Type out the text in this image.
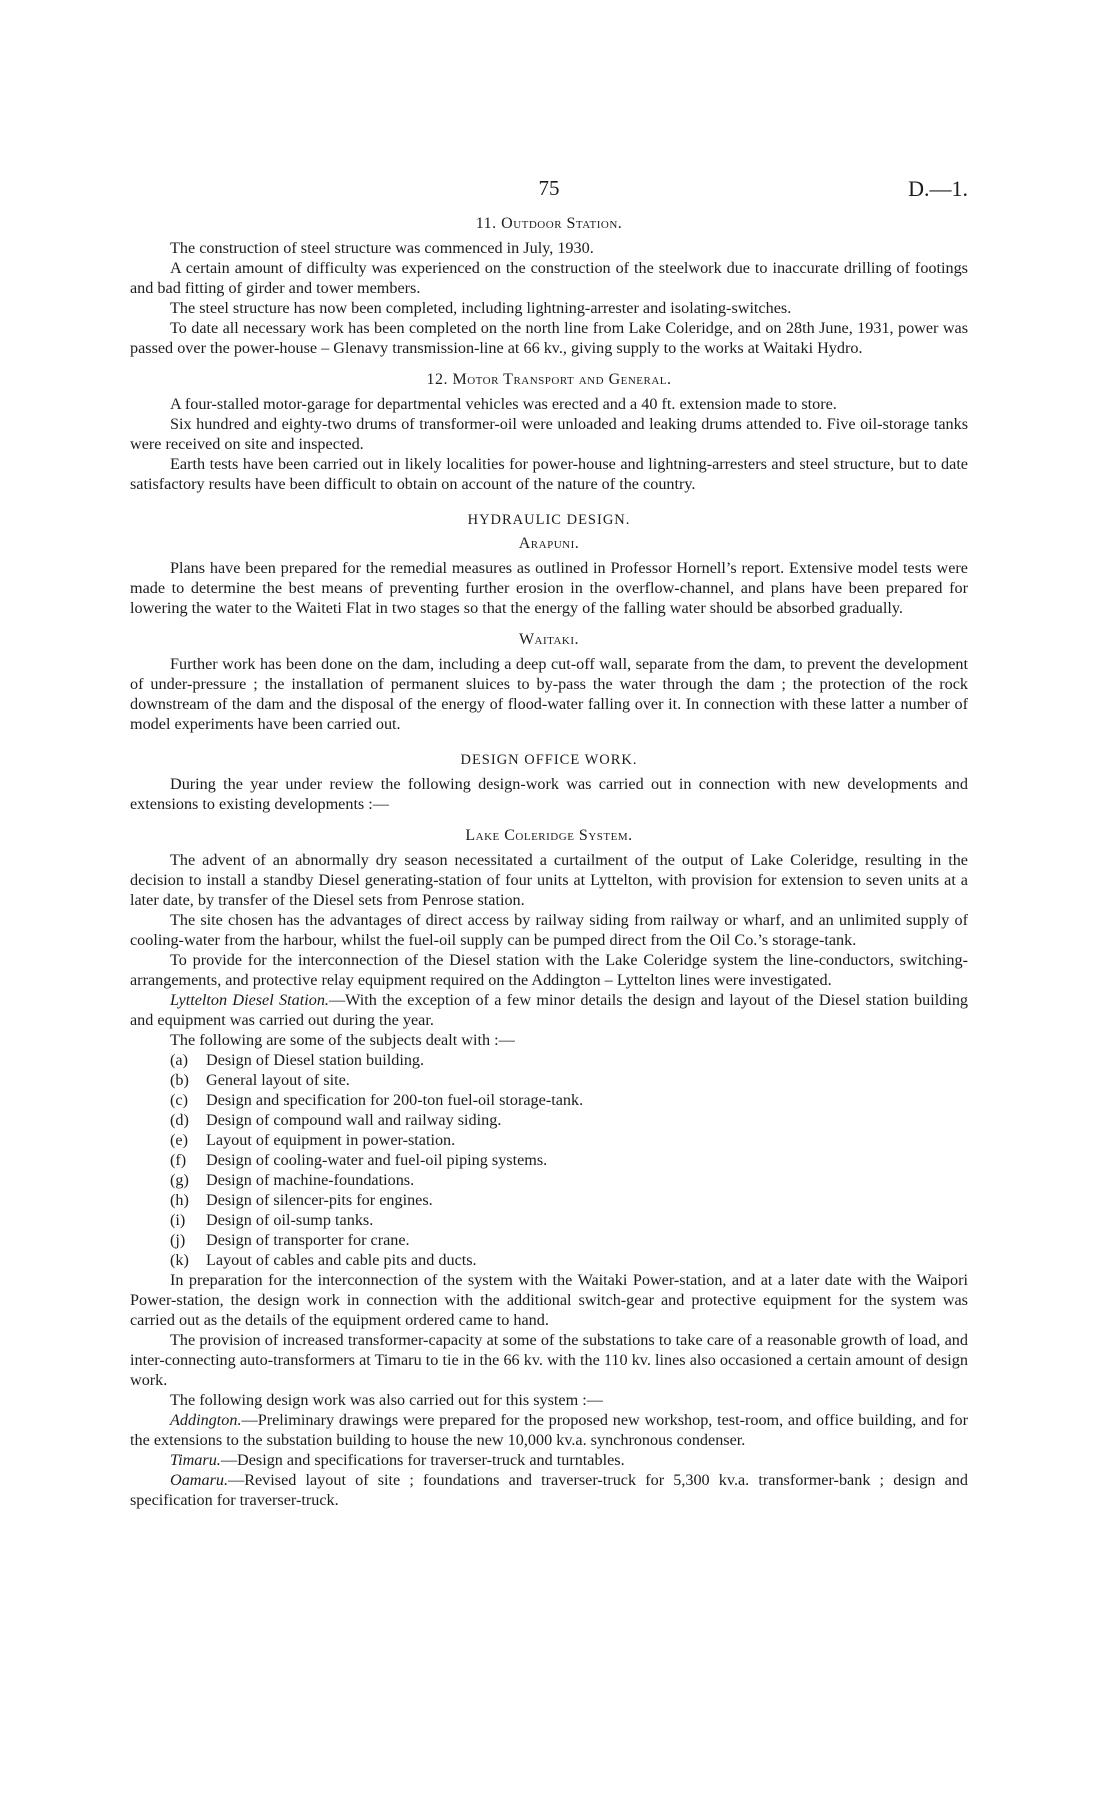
75	D.—1.
11. Outdoor Station.

The construction of steel structure was commenced in July, 1930.

A certain amount of difficulty was experienced on the construction of the steelwork due to inaccurate drilling of footings and bad fitting of girder and tower members.

The steel structure has now been completed, including lightning-arrester and isolating-switches.

To date all necessary work has been completed on the north line from Lake Coleridge, and on 28th June, 1931, power was passed over the power-house – Glenavy transmission-line at 66 kv., giving supply to the works at Waitaki Hydro.

12. Motor Transport and General.

A four-stalled motor-garage for departmental vehicles was erected and a 40 ft. extension made to store.

Six hundred and eighty-two drums of transformer-oil were unloaded and leaking drums attended to. Five oil-storage tanks were received on site and inspected.

Earth tests have been carried out in likely localities for power-house and lightning-arresters and steel structure, but to date satisfactory results have been difficult to obtain on account of the nature of the country.

HYDRAULIC DESIGN.
Arapuni.

Plans have been prepared for the remedial measures as outlined in Professor Hornell’s report. Extensive model tests were made to determine the best means of preventing further erosion in the overflow-channel, and plans have been prepared for lowering the water to the Waiteti Flat in two stages so that the energy of the falling water should be absorbed gradually.

Waitaki.

Further work has been done on the dam, including a deep cut-off wall, separate from the dam, to prevent the development of under-pressure ; the installation of permanent sluices to by-pass the water through the dam ; the protection of the rock downstream of the dam and the disposal of the energy of flood-water falling over it. In connection with these latter a number of model experiments have been carried out.

DESIGN OFFICE WORK.

During the year under review the following design-work was carried out in connection with new developments and extensions to existing developments :—

Lake Coleridge System.

The advent of an abnormally dry season necessitated a curtailment of the output of Lake Coleridge, resulting in the decision to install a standby Diesel generating-station of four units at Lyttelton, with provision for extension to seven units at a later date, by transfer of the Diesel sets from Penrose station.

The site chosen has the advantages of direct access by railway siding from railway or wharf, and an unlimited supply of cooling-water from the harbour, whilst the fuel-oil supply can be pumped direct from the Oil Co.’s storage-tank.

To provide for the interconnection of the Diesel station with the Lake Coleridge system the line-conductors, switching-arrangements, and protective relay equipment required on the Addington – Lyttelton lines were investigated.

Lyttelton Diesel Station.—With the exception of a few minor details the design and layout of the Diesel station building and equipment was carried out during the year.

The following are some of the subjects dealt with :—

(a)	Design of Diesel station building.
(b)	General layout of site.
(c)	Design and specification for 200-ton fuel-oil storage-tank.
(d)	Design of compound wall and railway siding.
(e)	Layout of equipment in power-station.
(f)	Design of cooling-water and fuel-oil piping systems.
(g)	Design of machine-foundations.
(h)	Design of silencer-pits for engines.
(i)	Design of oil-sump tanks.
(j)	Design of transporter for crane.
(k)	Layout of cables and cable pits and ducts.

In preparation for the interconnection of the system with the Waitaki Power-station, and at a later date with the Waipori Power-station, the design work in connection with the additional switch-gear and protective equipment for the system was carried out as the details of the equipment ordered came to hand.

The provision of increased transformer-capacity at some of the substations to take care of a reasonable growth of load, and inter-connecting auto-transformers at Timaru to tie in the 66 kv. with the 110 kv. lines also occasioned a certain amount of design work.

The following design work was also carried out for this system :—

Addington.—Preliminary drawings were prepared for the proposed new workshop, test-room, and office building, and for the extensions to the substation building to house the new 10,000 kv.a. synchronous condenser.

Timaru.—Design and specifications for traverser-truck and turntables.

Oamaru.—Revised layout of site ; foundations and traverser-truck for 5,300 kv.a. transformer-bank ; design and specification for traverser-truck.
